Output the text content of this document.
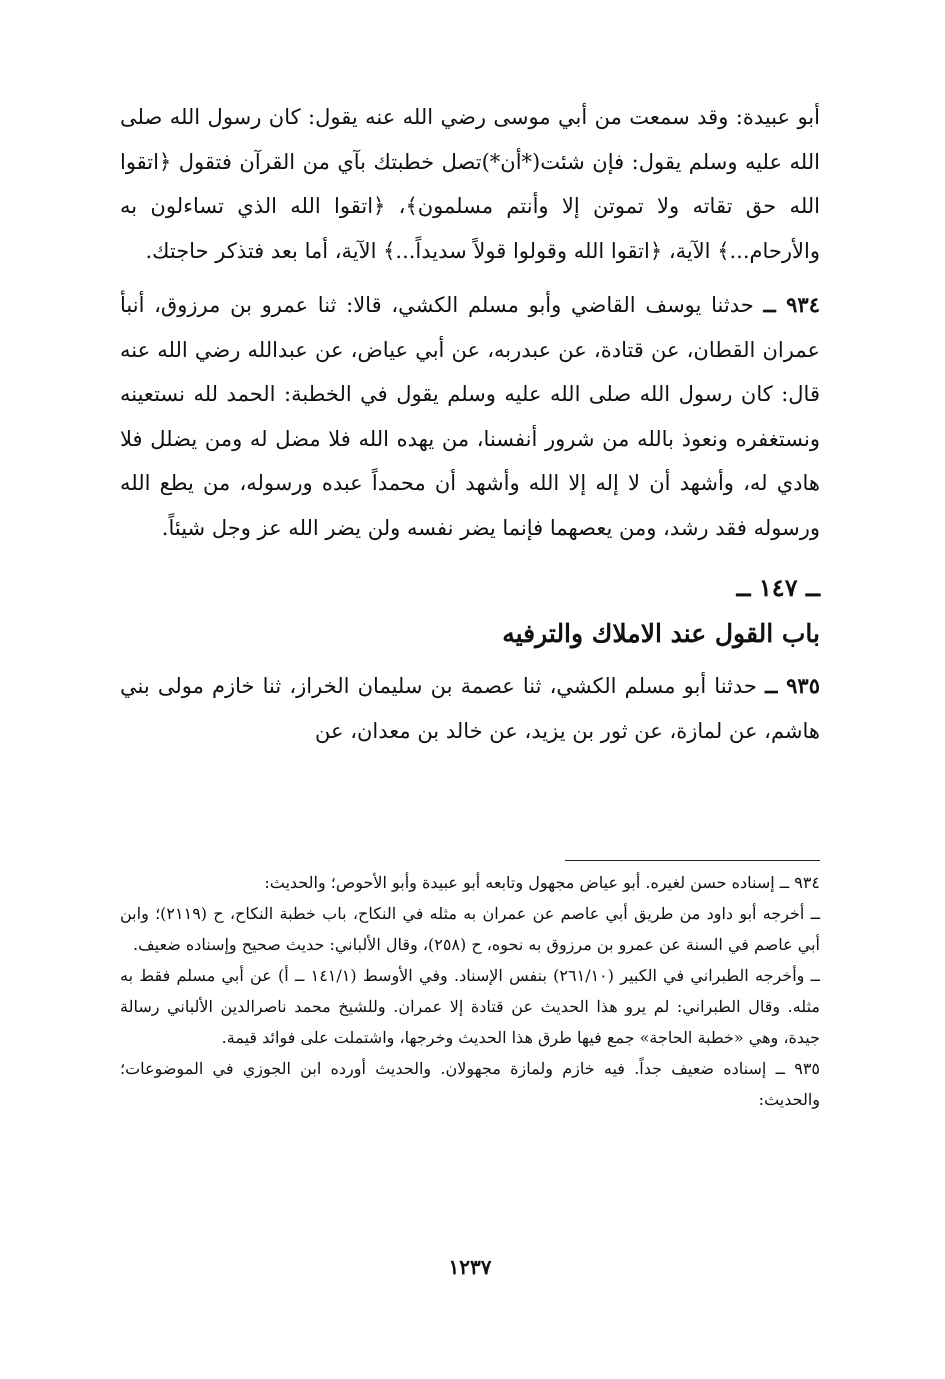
أبو عبيدة: وقد سمعت من أبي موسى رضي الله عنه يقول: كان رسول الله صلى الله عليه وسلم يقول: فإن شئت(*أن*)تصل خطبتك بآي من القرآن فتقول ﴿اتقوا الله حق تقاته ولا تموتن إلا وأنتم مسلمون﴾، ﴿اتقوا الله الذي تساءلون به والأرحام...﴾ الآية، ﴿اتقوا الله وقولوا قولاً سديداً...﴾ الآية، أما بعد فتذكر حاجتك.

٩٣٤ ــ حدثنا يوسف القاضي وأبو مسلم الكشي، قالا: ثنا عمرو بن مرزوق، أنبأ عمران القطان، عن قتادة، عن عبدربه، عن أبي عياض، عن عبدالله رضي الله عنه قال: كان رسول الله صلى الله عليه وسلم يقول في الخطبة: الحمد لله نستعينه ونستغفره ونعوذ بالله من شرور أنفسنا، من يهده الله فلا مضل له ومن يضلل فلا هادي له، وأشهد أن لا إله إلا الله وأشهد أن محمداً عبده ورسوله، من يطع الله ورسوله فقد رشد، ومن يعصهما فإنما يضر نفسه ولن يضر الله عز وجل شيئاً.

ــ ١٤٧ ــ
باب القول عند الاملاك والترفيه

٩٣٥ ــ حدثنا أبو مسلم الكشي، ثنا عصمة بن سليمان الخراز، ثنا خازم مولى بني هاشم، عن لمازة، عن ثور بن يزيد، عن خالد بن معدان، عن

٩٣٤ ــ إسناده حسن لغيره. أبو عياض مجهول وتابعه أبو عبيدة وأبو الأحوص؛ والحديث:

ــ أخرجه أبو داود من طريق أبي عاصم عن عمران به مثله في النكاح، باب خطبة النكاح، ح (٢١١٩)؛ وابن أبي عاصم في السنة عن عمرو بن مرزوق به نحوه، ح (٢٥٨)، وقال الألباني: حديث صحيح وإسناده ضعيف.

ــ وأخرجه الطبراني في الكبير (٢٦١/١٠) بنفس الإسناد. وفي الأوسط (١٤١/١ ــ أ) عن أبي مسلم فقط به مثله. وقال الطبراني: لم يرو هذا الحديث عن قتادة إلا عمران. وللشيخ محمد ناصرالدين الألباني رسالة جيدة، وهي «خطبة الحاجة» جمع فيها طرق هذا الحديث وخرجها، واشتملت على فوائد قيمة.

٩٣٥ ــ إسناده ضعيف جداً. فيه خازم ولمازة مجهولان. والحديث أورده ابن الجوزي في الموضوعات؛ والحديث:

١٢٣٧
